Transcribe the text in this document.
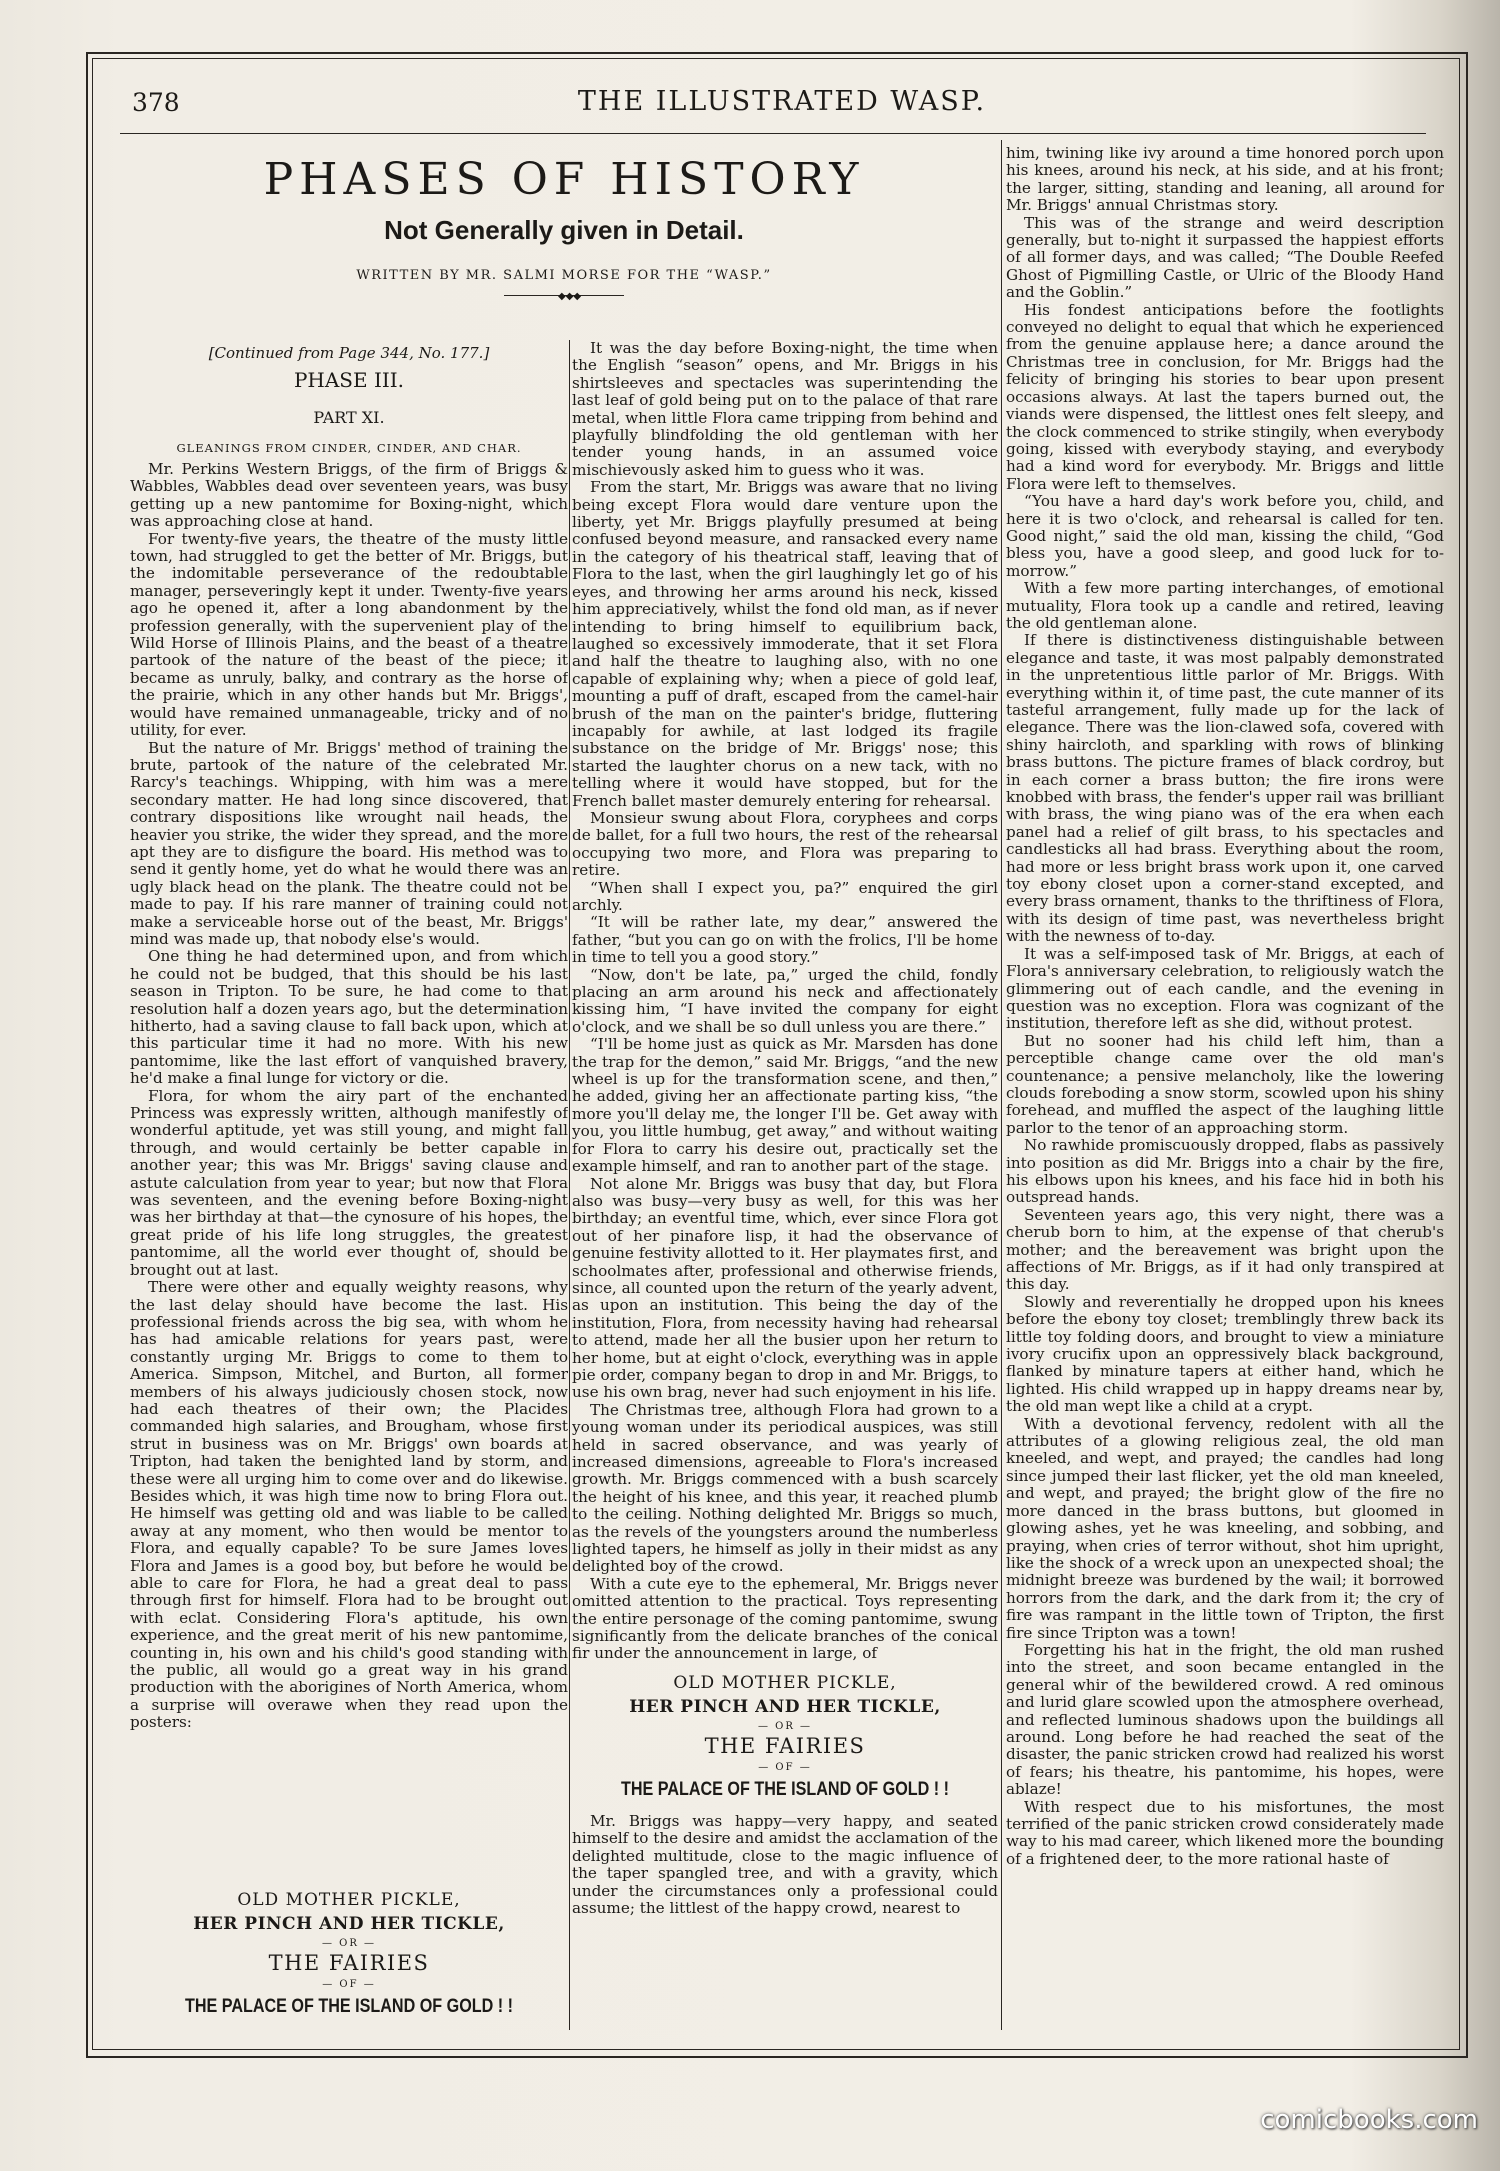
378	THE ILLUSTRATED WASP.
PHASES OF HISTORY
Not Generally given in Detail.
WRITTEN BY MR. SALMI MORSE FOR THE “WASP.”
◆◆◆
[Continued from Page 344, No. 177.]
PHASE III.
PART XI.
GLEANINGS FROM CINDER, CINDER, AND CHAR.

Mr. Perkins Western Briggs, of the firm of Briggs & Wabbles, Wabbles dead over seventeen years, was busy getting up a new pantomime for Boxing-night, which was approaching close at hand.

For twenty-five years, the theatre of the musty little town, had struggled to get the better of Mr. Briggs, but the indomitable perseverance of the redoubtable manager, perseveringly kept it under. Twenty-five years ago he opened it, after a long abandonment by the profession generally, with the supervenient play of the Wild Horse of Illinois Plains, and the beast of a theatre partook of the nature of the beast of the piece; it became as unruly, balky, and contrary as the horse of the prairie, which in any other hands but Mr. Briggs', would have remained unmanageable, tricky and of no utility, for ever.

But the nature of Mr. Briggs' method of training the brute, partook of the nature of the celebrated Mr. Rarcy's teachings. Whipping, with him was a mere secondary matter. He had long since discovered, that contrary dispositions like wrought nail heads, the heavier you strike, the wider they spread, and the more apt they are to disfigure the board. His method was to send it gently home, yet do what he would there was an ugly black head on the plank. The theatre could not be made to pay. If his rare manner of training could not make a serviceable horse out of the beast, Mr. Briggs' mind was made up, that nobody else's would.

One thing he had determined upon, and from which he could not be budged, that this should be his last season in Tripton. To be sure, he had come to that resolution half a dozen years ago, but the determination hitherto, had a saving clause to fall back upon, which at this particular time it had no more. With his new pantomime, like the last effort of vanquished bravery, he'd make a final lunge for victory or die.

Flora, for whom the airy part of the enchanted Princess was expressly written, although manifestly of wonderful aptitude, yet was still young, and might fall through, and would certainly be better capable in another year; this was Mr. Briggs' saving clause and astute calculation from year to year; but now that Flora was seventeen, and the evening before Boxing-night was her birthday at that—the cynosure of his hopes, the great pride of his life long struggles, the greatest pantomime, all the world ever thought of, should be brought out at last.

There were other and equally weighty reasons, why the last delay should have become the last. His professional friends across the big sea, with whom he has had amicable relations for years past, were constantly urging Mr. Briggs to come to them to America. Simpson, Mitchel, and Burton, all former members of his always judiciously chosen stock, now had each theatres of their own; the Placides commanded high salaries, and Brougham, whose first strut in business was on Mr. Briggs' own boards at Tripton, had taken the benighted land by storm, and these were all urging him to come over and do likewise. Besides which, it was high time now to bring Flora out. He himself was getting old and was liable to be called away at any moment, who then would be mentor to Flora, and equally capable? To be sure James loves Flora and James is a good boy, but before he would be able to care for Flora, he had a great deal to pass through first for himself. Flora had to be brought out with eclat. Considering Flora's aptitude, his own experience, and the great merit of his new pantomime, counting in, his own and his child's good standing with the public, all would go a great way in his grand production with the aborigines of North America, whom a surprise will overawe when they read upon the posters:

It was the day before Boxing-night, the time when the English “season” opens, and Mr. Briggs in his shirtsleeves and spectacles was superintending the last leaf of gold being put on to the palace of that rare metal, when little Flora came tripping from behind and playfully blindfolding the old gentleman with her tender young hands, in an assumed voice mischievously asked him to guess who it was.

From the start, Mr. Briggs was aware that no living being except Flora would dare venture upon the liberty, yet Mr. Briggs playfully presumed at being confused beyond measure, and ransacked every name in the category of his theatrical staff, leaving that of Flora to the last, when the girl laughingly let go of his eyes, and throwing her arms around his neck, kissed him appreciatively, whilst the fond old man, as if never intending to bring himself to equilibrium back, laughed so excessively immoderate, that it set Flora and half the theatre to laughing also, with no one capable of explaining why; when a piece of gold leaf, mounting a puff of draft, escaped from the camel-hair brush of the man on the painter's bridge, fluttering incapably for awhile, at last lodged its fragile substance on the bridge of Mr. Briggs' nose; this started the laughter chorus on a new tack, with no telling where it would have stopped, but for the French ballet master demurely entering for rehearsal.

Monsieur swung about Flora, coryphees and corps de ballet, for a full two hours, the rest of the rehearsal occupying two more, and Flora was preparing to retire.

“When shall I expect you, pa?” enquired the girl archly.

“It will be rather late, my dear,” answered the father, “but you can go on with the frolics, I'll be home in time to tell you a good story.”

“Now, don't be late, pa,” urged the child, fondly placing an arm around his neck and affectionately kissing him, “I have invited the company for eight o'clock, and we shall be so dull unless you are there.”

“I'll be home just as quick as Mr. Marsden has done the trap for the demon,” said Mr. Briggs, “and the new wheel is up for the transformation scene, and then,” he added, giving her an affectionate parting kiss, “the more you'll delay me, the longer I'll be. Get away with you, you little humbug, get away,” and without waiting for Flora to carry his desire out, practically set the example himself, and ran to another part of the stage.

Not alone Mr. Briggs was busy that day, but Flora also was busy—very busy as well, for this was her birthday; an eventful time, which, ever since Flora got out of her pinafore lisp, it had the observance of genuine festivity allotted to it. Her playmates first, and schoolmates after, professional and otherwise friends, since, all counted upon the return of the yearly advent, as upon an institution. This being the day of the institution, Flora, from necessity having had rehearsal to attend, made her all the busier upon her return to her home, but at eight o'clock, everything was in apple pie order, company began to drop in and Mr. Briggs, to use his own brag, never had such enjoyment in his life.

The Christmas tree, although Flora had grown to a young woman under its periodical auspices, was still held in sacred observance, and was yearly of increased dimensions, agreeable to Flora's increased growth. Mr. Briggs commenced with a bush scarcely the height of his knee, and this year, it reached plumb to the ceiling. Nothing delighted Mr. Briggs so much, as the revels of the youngsters around the numberless lighted tapers, he himself as jolly in their midst as any delighted boy of the crowd.

With a cute eye to the ephemeral, Mr. Briggs never omitted attention to the practical. Toys representing the entire personage of the coming pantomime, swung significantly from the delicate branches of the conical fir under the announcement in large, of

OLD MOTHER PICKLE,
HER PINCH AND HER TICKLE,
— OR —
THE FAIRIES
— OF —
THE PALACE OF THE ISLAND OF GOLD ! !

Mr. Briggs was happy—very happy, and seated himself to the desire and amidst the acclamation of the delighted multitude, close to the magic influence of the taper spangled tree, and with a gravity, which under the circumstances only a professional could assume; the littlest of the happy crowd, nearest to

him, twining like ivy around a time honored porch upon his knees, around his neck, at his side, and at his front; the larger, sitting, standing and leaning, all around for Mr. Briggs' annual Christmas story.

This was of the strange and weird description generally, but to-night it surpassed the happiest efforts of all former days, and was called; “The Double Reefed Ghost of Pigmilling Castle, or Ulric of the Bloody Hand and the Goblin.”

His fondest anticipations before the footlights conveyed no delight to equal that which he experienced from the genuine applause here; a dance around the Christmas tree in conclusion, for Mr. Briggs had the felicity of bringing his stories to bear upon present occasions always. At last the tapers burned out, the viands were dispensed, the littlest ones felt sleepy, and the clock commenced to strike stingily, when everybody going, kissed with everybody staying, and everybody had a kind word for everybody. Mr. Briggs and little Flora were left to themselves.

“You have a hard day's work before you, child, and here it is two o'clock, and rehearsal is called for ten. Good night,” said the old man, kissing the child, “God bless you, have a good sleep, and good luck for to-morrow.”

With a few more parting interchanges, of emotional mutuality, Flora took up a candle and retired, leaving the old gentleman alone.

If there is distinctiveness distinguishable between elegance and taste, it was most palpably demonstrated in the unpretentious little parlor of Mr. Briggs. With everything within it, of time past, the cute manner of its tasteful arrangement, fully made up for the lack of elegance. There was the lion-clawed sofa, covered with shiny haircloth, and sparkling with rows of blinking brass buttons. The picture frames of black cordroy, but in each corner a brass button; the fire irons were knobbed with brass, the fender's upper rail was brilliant with brass, the wing piano was of the era when each panel had a relief of gilt brass, to his spectacles and candlesticks all had brass. Everything about the room, had more or less bright brass work upon it, one carved toy ebony closet upon a corner-stand excepted, and every brass ornament, thanks to the thriftiness of Flora, with its design of time past, was nevertheless bright with the newness of to-day.

It was a self-imposed task of Mr. Briggs, at each of Flora's anniversary celebration, to religiously watch the glimmering out of each candle, and the evening in question was no exception. Flora was cognizant of the institution, therefore left as she did, without protest.

But no sooner had his child left him, than a perceptible change came over the old man's countenance; a pensive melancholy, like the lowering clouds foreboding a snow storm, scowled upon his shiny forehead, and muffled the aspect of the laughing little parlor to the tenor of an approaching storm.

No rawhide promiscuously dropped, flabs as passively into position as did Mr. Briggs into a chair by the fire, his elbows upon his knees, and his face hid in both his outspread hands.

Seventeen years ago, this very night, there was a cherub born to him, at the expense of that cherub's mother; and the bereavement was bright upon the affections of Mr. Briggs, as if it had only transpired at this day.

Slowly and reverentially he dropped upon his knees before the ebony toy closet; tremblingly threw back its little toy folding doors, and brought to view a miniature ivory crucifix upon an oppressively black background, flanked by minature tapers at either hand, which he lighted. His child wrapped up in happy dreams near by, the old man wept like a child at a crypt.

With a devotional fervency, redolent with all the attributes of a glowing religious zeal, the old man kneeled, and wept, and prayed; the candles had long since jumped their last flicker, yet the old man kneeled, and wept, and prayed; the bright glow of the fire no more danced in the brass buttons, but gloomed in glowing ashes, yet he was kneeling, and sobbing, and praying, when cries of terror without, shot him upright, like the shock of a wreck upon an unexpected shoal; the midnight breeze was burdened by the wail; it borrowed horrors from the dark, and the dark from it; the cry of fire was rampant in the little town of Tripton, the first fire since Tripton was a town!

Forgetting his hat in the fright, the old man rushed into the street, and soon became entangled in the general whir of the bewildered crowd. A red ominous and lurid glare scowled upon the atmosphere overhead, and reflected luminous shadows upon the buildings all around. Long before he had reached the seat of the disaster, the panic stricken crowd had realized his worst of fears; his theatre, his pantomime, his hopes, were ablaze!

With respect due to his misfortunes, the most terrified of the panic stricken crowd considerately made way to his mad career, which likened more the bounding of a frightened deer, to the more rational haste of

OLD MOTHER PICKLE,
HER PINCH AND HER TICKLE,
— OR —
THE FAIRIES
— OF —
THE PALACE OF THE ISLAND OF GOLD ! !
comicbooks.com
